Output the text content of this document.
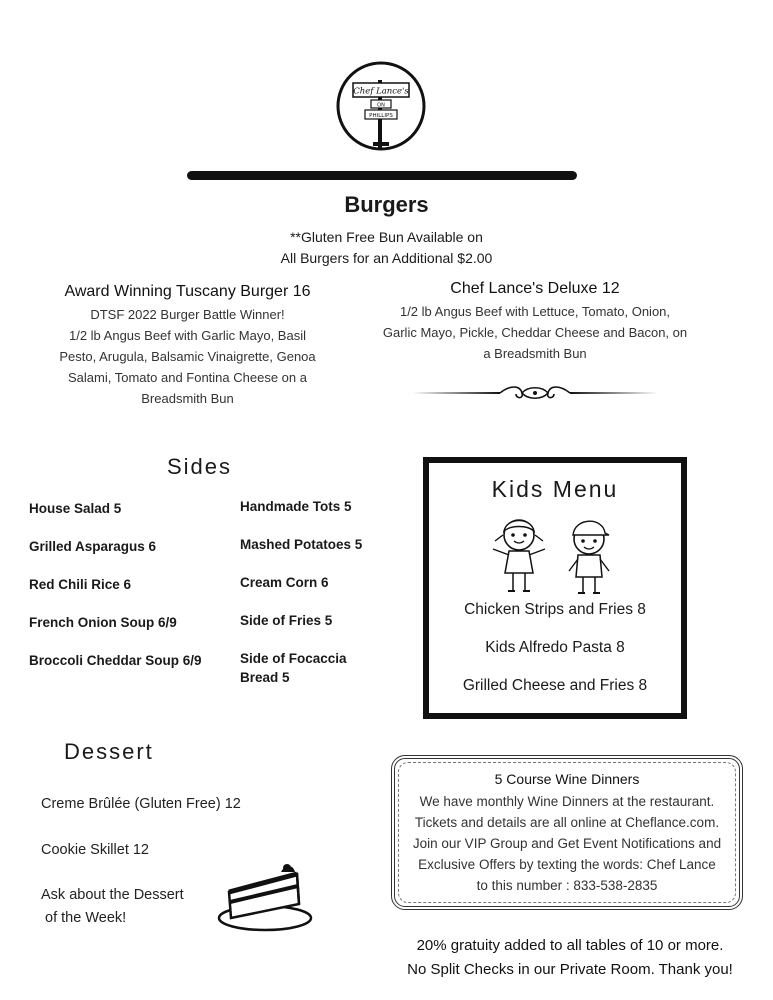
Chef Lance's
ON
PHILLIPS
Burgers
**Gluten Free Bun Available on
All Burgers for an Additional $2.00
Award Winning Tuscany Burger 16
DTSF 2022 Burger Battle Winner!
1/2 lb Angus Beef with Garlic Mayo, Basil
Pesto, Arugula, Balsamic Vinaigrette, Genoa
Salami, Tomato and Fontina Cheese on a
Breadsmith Bun
Chef Lance's Deluxe 12
1/2 lb Angus Beef with Lettuce, Tomato, Onion,
Garlic Mayo, Pickle, Cheddar Cheese and Bacon, on
a Breadsmith Bun
Sides
House Salad 5
Grilled Asparagus 6
Red Chili Rice 6
French Onion Soup 6/9
Broccoli Cheddar Soup 6/9
Handmade Tots 5
Mashed Potatoes 5
Cream Corn 6
Side of Fries 5
Side of Focaccia
Bread 5
Kids Menu
Chicken Strips and Fries 8
Kids Alfredo Pasta 8
Grilled Cheese and Fries 8
Dessert
Creme Brûlée (Gluten Free) 12
Cookie Skillet 12
Ask about the Dessert
of the Week!
5 Course Wine Dinners
We have monthly Wine Dinners at the restaurant.
Tickets and details are all online at Cheflance.com.
Join our VIP Group and Get Event Notifications and
Exclusive Offers by texting the words: Chef Lance
to this number : 833-538-2835
20% gratuity added to all tables of 10 or more.
No Split Checks in our Private Room. Thank you!
